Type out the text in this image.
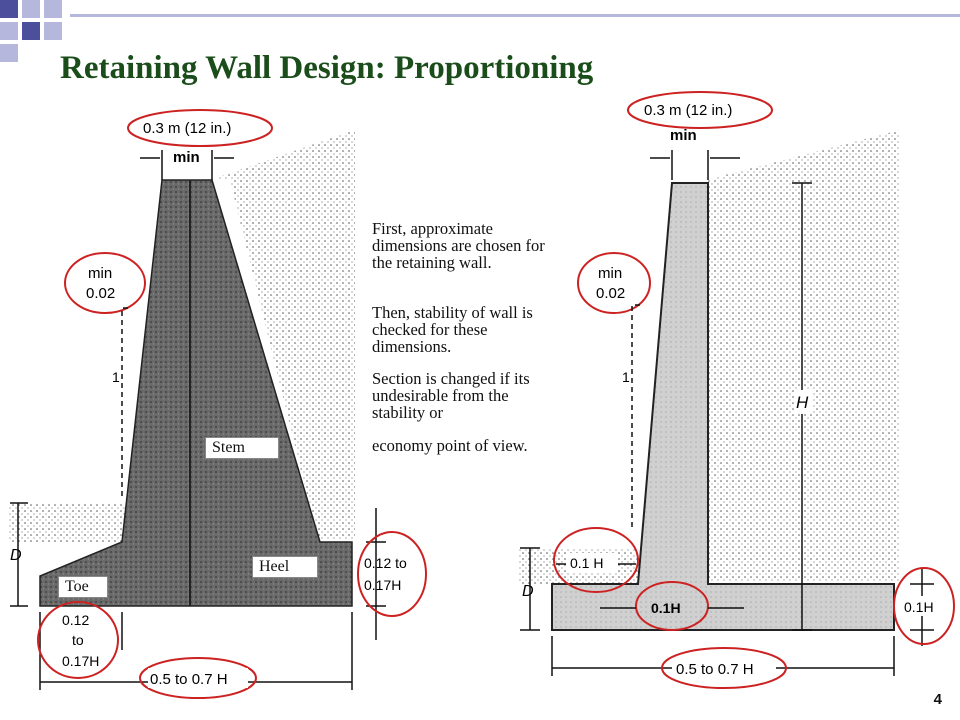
Retaining Wall Design: Proportioning
min
0.3 m (12 in.)
min
0.02
1
D	0.12 to
0.17H
0.12
to
0.17H
0.5 to 0.7 H
Stem
Heel
Toe
First, approximate dimensions are chosen for the retaining wall.
Then, stability of wall is checked for these dimensions.
Section is changed if its undesirable from the stability or
economy point of view.
min
0.3 m (12 in.)
min
0.02
1
H
D
0.1 H
0.1H	0.1H
0.5 to 0.7 H
4
